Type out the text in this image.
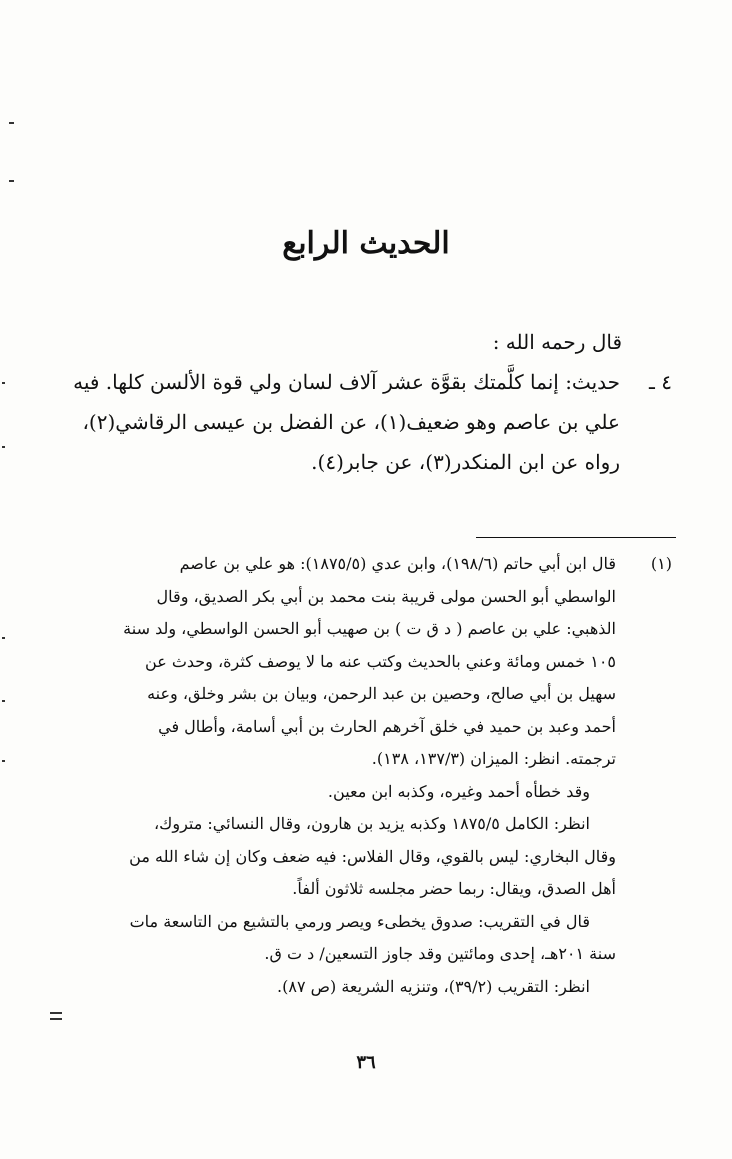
الحديث الرابع
قال رحمه الله :
٤ ـ
حديث: إنما كلَّمتك بقوَّة عشر آلاف لسان ولي قوة الألسن كلها. فيه
علي بن عاصم وهو ضعيف(١)، عن الفضل بن عيسى الرقاشي(٢)،
رواه عن ابن المنكدر(٣)، عن جابر(٤).
(١)
قال ابن أبي حاتم (١٩٨/٦)، وابن عدي (١٨٧٥/٥): هو علي بن عاصم
الواسطي أبو الحسن مولى قريبة بنت محمد بن أبي بكر الصديق، وقال
الذهبي: علي بن عاصم ( د ق ت ) بن صهيب أبو الحسن الواسطي، ولد سنة
١٠٥ خمس ومائة وعني بالحديث وكتب عنه ما لا يوصف كثرة، وحدث عن
سهيل بن أبي صالح، وحصين بن عبد الرحمن، وبيان بن بشر وخلق، وعنه
أحمد وعبد بن حميد في خلق آخرهم الحارث بن أبي أسامة، وأطال في
ترجمته. انظر: الميزان (١٣٧/٣، ١٣٨).
وقد خطأه أحمد وغيره، وكذبه ابن معين.
انظر: الكامل ١٨٧٥/٥ وكذبه يزيد بن هارون، وقال النسائي: متروك،
وقال البخاري: ليس بالقوي، وقال الفلاس: فيه ضعف وكان إن شاء الله من
أهل الصدق، ويقال: ربما حضر مجلسه ثلاثون ألفاً.
قال في التقريب: صدوق يخطىء ويصر ورمي بالتشيع من التاسعة مات
سنة ٢٠١هـ، إحدى ومائتين وقد جاوز التسعين/ د ت ق.
انظر: التقريب (٣٩/٢)، وتنزيه الشريعة (ص ٨٧).
٣٦
